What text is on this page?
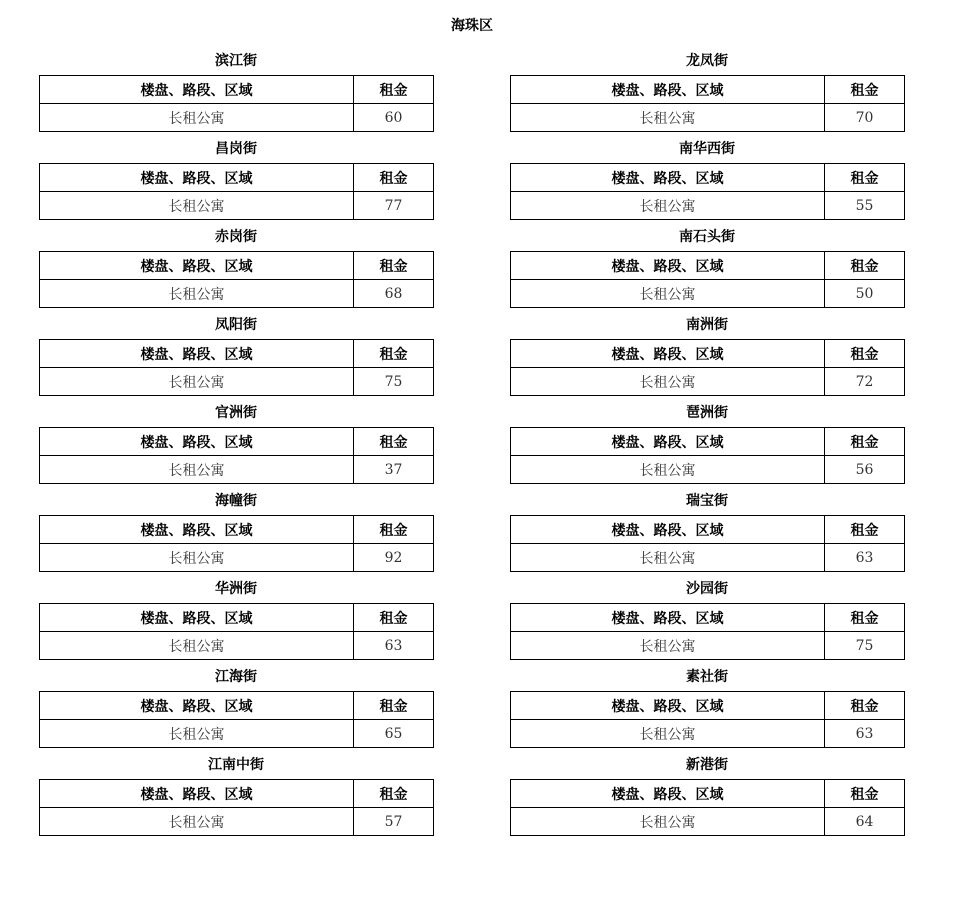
海珠区
滨江街
楼盘、路段、区域	租金
长租公寓	60
昌岗街
楼盘、路段、区域	租金
长租公寓	77
赤岗街
楼盘、路段、区域	租金
长租公寓	68
凤阳街
楼盘、路段、区域	租金
长租公寓	75
官洲街
楼盘、路段、区域	租金
长租公寓	37
海幢街
楼盘、路段、区域	租金
长租公寓	92
华洲街
楼盘、路段、区域	租金
长租公寓	63
江海街
楼盘、路段、区域	租金
长租公寓	65
江南中街
楼盘、路段、区域	租金
长租公寓	57
龙凤街
楼盘、路段、区域	租金
长租公寓	70
南华西街
楼盘、路段、区域	租金
长租公寓	55
南石头街
楼盘、路段、区域	租金
长租公寓	50
南洲街
楼盘、路段、区域	租金
长租公寓	72
琶洲街
楼盘、路段、区域	租金
长租公寓	56
瑞宝街
楼盘、路段、区域	租金
长租公寓	63
沙园街
楼盘、路段、区域	租金
长租公寓	75
素社街
楼盘、路段、区域	租金
长租公寓	63
新港街
楼盘、路段、区域	租金
长租公寓	64
